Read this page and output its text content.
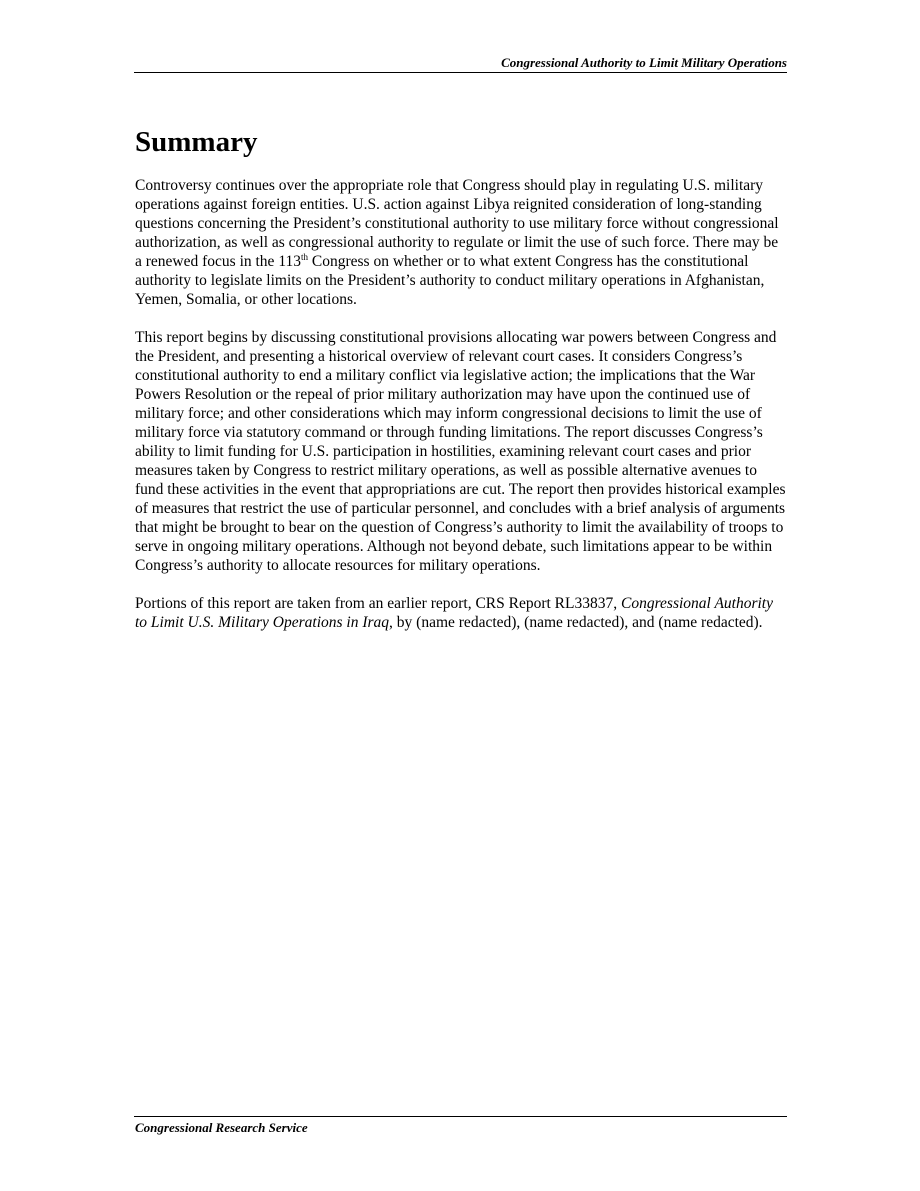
Congressional Authority to Limit Military Operations
Summary

Controversy continues over the appropriate role that Congress should play in regulating U.S. military operations against foreign entities. U.S. action against Libya reignited consideration of long-standing questions concerning the President’s constitutional authority to use military force without congressional authorization, as well as congressional authority to regulate or limit the use of such force. There may be a renewed focus in the 113th Congress on whether or to what extent Congress has the constitutional authority to legislate limits on the President’s authority to conduct military operations in Afghanistan, Yemen, Somalia, or other locations.

This report begins by discussing constitutional provisions allocating war powers between Congress and the President, and presenting a historical overview of relevant court cases. It considers Congress’s constitutional authority to end a military conflict via legislative action; the implications that the War Powers Resolution or the repeal of prior military authorization may have upon the continued use of military force; and other considerations which may inform congressional decisions to limit the use of military force via statutory command or through funding limitations. The report discusses Congress’s ability to limit funding for U.S. participation in hostilities, examining relevant court cases and prior measures taken by Congress to restrict military operations, as well as possible alternative avenues to fund these activities in the event that appropriations are cut. The report then provides historical examples of measures that restrict the use of particular personnel, and concludes with a brief analysis of arguments that might be brought to bear on the question of Congress’s authority to limit the availability of troops to serve in ongoing military operations. Although not beyond debate, such limitations appear to be within Congress’s authority to allocate resources for military operations.

Portions of this report are taken from an earlier report, CRS Report RL33837, Congressional Authority to Limit U.S. Military Operations in Iraq, by (name redacted), (name redacted), and (name redacted).

Congressional Research Service
